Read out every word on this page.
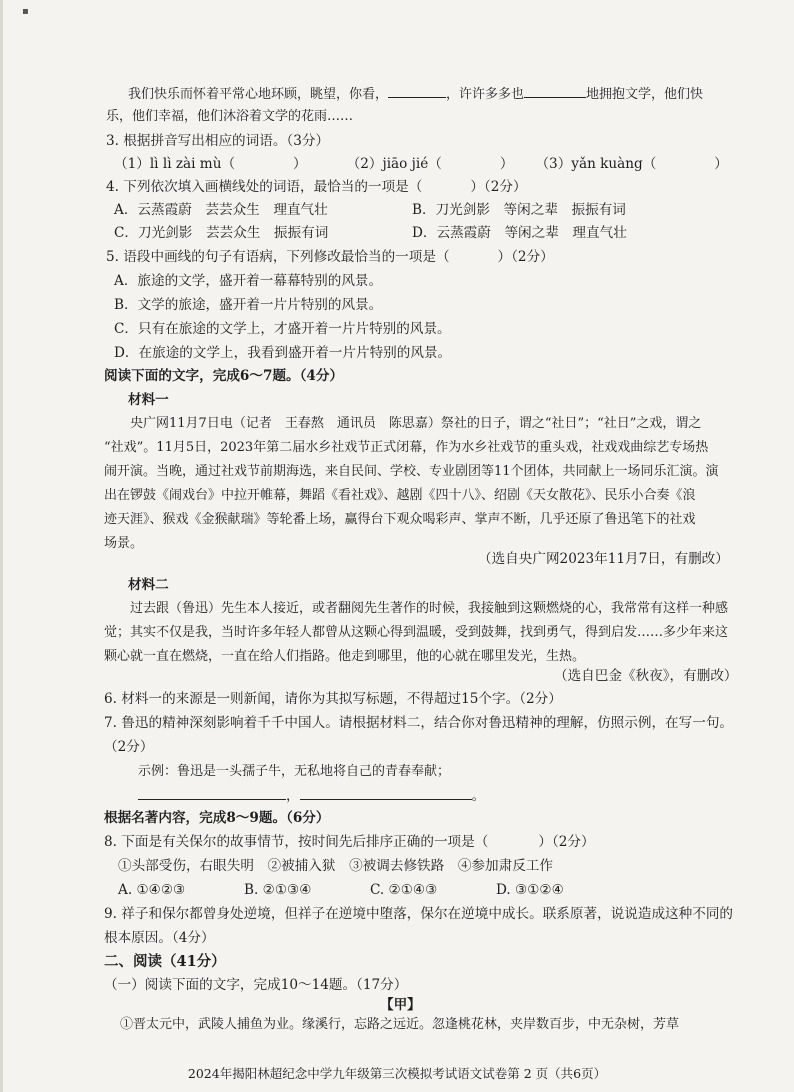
▪
我们快乐而怀着平常心地环顾，眺望，你看，	，许许多多也	地拥抱文学，他们快
乐，他们幸福，他们沐浴着文学的花雨……
3. 根据拼音写出相应的词语。（3分）
（1）lì lì zài mù（	）	（2）jiāo jié（	） （3）yǎn kuàng（	）
4. 下列依次填入画横线处的词语，最恰当的一项是（	）（2分）
A．云蒸霞蔚　芸芸众生　理直气壮	B．刀光剑影　等闲之辈　振振有词
C．刀光剑影　芸芸众生　振振有词	D．云蒸霞蔚　等闲之辈　理直气壮
5. 语段中画线的句子有语病，下列修改最恰当的一项是（	）（2分）
A．旅途的文学，盛开着一幕幕特别的风景。
B．文学的旅途，盛开着一片片特别的风景。
C．只有在旅途的文学上，才盛开着一片片特别的风景。
D．在旅途的文学上，我看到盛开着一片片特别的风景。
阅读下面的文字，完成6～7题。（4分）
材料一
央广网11月7日电（记者　王春熬　通讯员　陈思嘉）祭社的日子，谓之“社日”；“社日”之戏，谓之
“社戏”。11月5日，2023年第二届水乡社戏节正式闭幕，作为水乡社戏节的重头戏，社戏戏曲综艺专场热
闹开演。当晚，通过社戏节前期海选，来自民间、学校、专业剧团等11个团体，共同献上一场同乐汇演。演
出在锣鼓《闹戏台》中拉开帷幕，舞蹈《看社戏》、越剧《四十八》、绍剧《天女散花》、民乐小合奏《浪
迹天涯》、猴戏《金猴献瑞》等轮番上场，赢得台下观众喝彩声、掌声不断，几乎还原了鲁迅笔下的社戏
场景。
（选自央广网2023年11月7日，有删改）
材料二
过去跟（鲁迅）先生本人接近，或者翻阅先生著作的时候，我接触到这颗燃烧的心，我常常有这样一种感
觉；其实不仅是我，当时许多年轻人都曾从这颗心得到温暖，受到鼓舞，找到勇气，得到启发……多少年来这
颗心就一直在燃烧，一直在给人们指路。他走到哪里，他的心就在哪里发光，生热。
（选自巴金《秋夜》，有删改）
6. 材料一的来源是一则新闻，请你为其拟写标题，不得超过15个字。（2分）
7. 鲁迅的精神深刻影响着千千中国人。请根据材料二，结合你对鲁迅精神的理解，仿照示例，在写一句。
（2分）
示例：鲁迅是一头孺子牛，无私地将自己的青春奉献；
，	。
根据名著内容，完成8～9题。（6分）
8. 下面是有关保尔的故事情节，按时间先后排序正确的一项是（	）（2分）
①头部受伤，右眼失明　②被捕入狱　③被调去修铁路　④参加肃反工作
A. ①④②③	B. ②①③④	C. ②①④③	D. ③①②④
9. 祥子和保尔都曾身处逆境，但祥子在逆境中堕落，保尔在逆境中成长。联系原著，说说造成这种不同的
根本原因。（4分）
二、阅读（41分）
（一）阅读下面的文字，完成10～14题。（17分）
【甲】
①晋太元中，武陵人捕鱼为业。缘溪行，忘路之远近。忽逢桃花林，夹岸数百步，中无杂树，芳草
2024年揭阳林超纪念中学九年级第三次模拟考试语文试卷第 2 页（共6页）
